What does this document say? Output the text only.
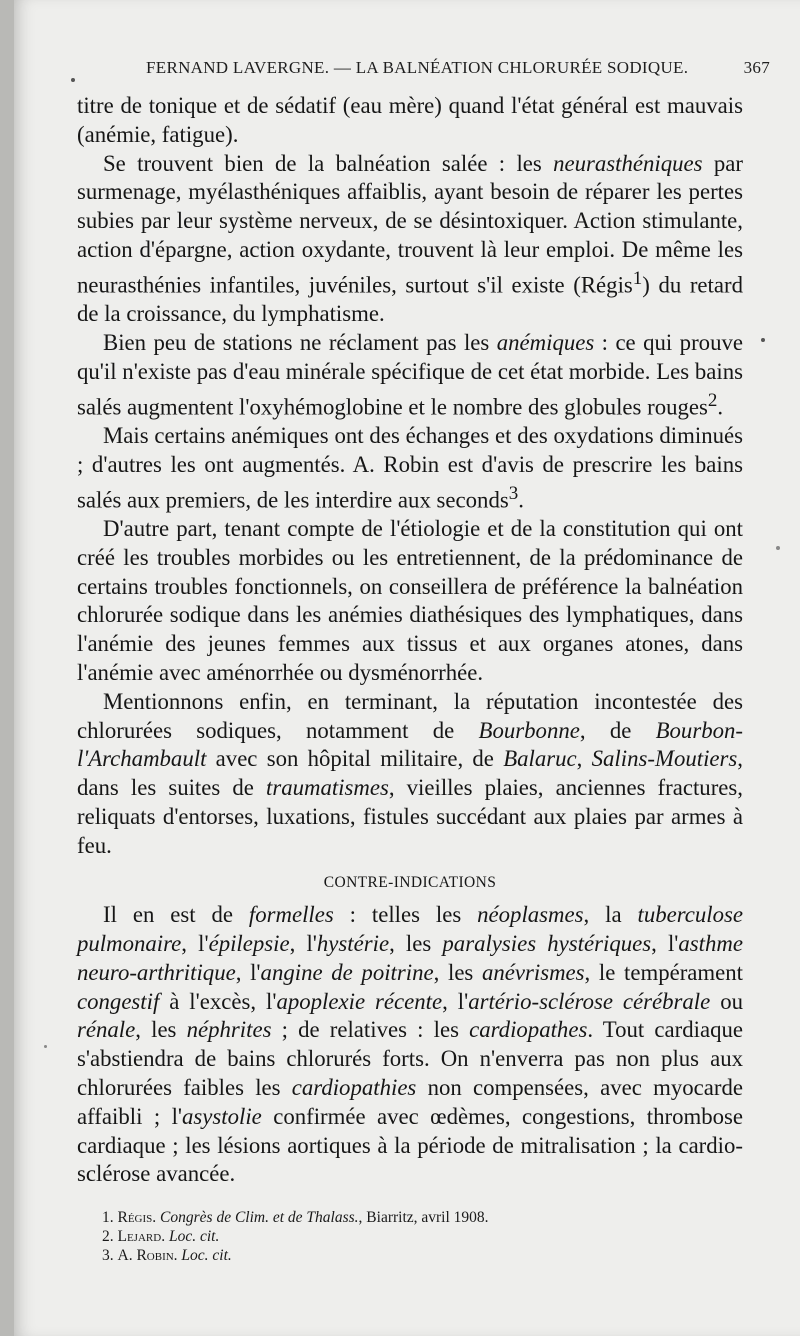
FERNAND LAVERGNE. — LA BALNÉATION CHLORURÉE SODIQUE.	367

titre de tonique et de sédatif (eau mère) quand l'état général est mauvais (anémie, fatigue).

Se trouvent bien de la balnéation salée : les neurasthéniques par surmenage, myélasthéniques affaiblis, ayant besoin de réparer les pertes subies par leur système nerveux, de se désintoxiquer. Action stimulante, action d'épargne, action oxydante, trouvent là leur emploi. De même les neurasthénies infantiles, juvéniles, surtout s'il existe (Régis$^1$) du retard de la croissance, du lymphatisme.

Bien peu de stations ne réclament pas les anémiques : ce qui prouve qu'il n'existe pas d'eau minérale spécifique de cet état morbide. Les bains salés augmentent l'oxyhémoglobine et le nombre des globules rouges$^2$.

Mais certains anémiques ont des échanges et des oxydations diminués ; d'autres les ont augmentés. A. Robin est d'avis de prescrire les bains salés aux premiers, de les interdire aux seconds$^3$.

D'autre part, tenant compte de l'étiologie et de la constitution qui ont créé les troubles morbides ou les entretiennent, de la prédominance de certains troubles fonctionnels, on conseillera de préférence la balnéation chlorurée sodique dans les anémies diathésiques des lymphatiques, dans l'anémie des jeunes femmes aux tissus et aux organes atones, dans l'anémie avec aménorrhée ou dysménorrhée.

Mentionnons enfin, en terminant, la réputation incontestée des chlorurées sodiques, notamment de Bourbonne, de Bourbon-l'Archambault avec son hôpital militaire, de Balaruc, Salins-Moutiers, dans les suites de traumatismes, vieilles plaies, anciennes fractures, reliquats d'entorses, luxations, fistules succédant aux plaies par armes à feu.

CONTRE-INDICATIONS

Il en est de formelles : telles les néoplasmes, la tuberculose pulmonaire, l'épilepsie, l'hystérie, les paralysies hystériques, l'asthme neuro-arthritique, l'angine de poitrine, les anévrismes, le tempérament congestif à l'excès, l'apoplexie récente, l'artério-sclérose cérébrale ou rénale, les néphrites ; de relatives : les cardiopathes. Tout cardiaque s'abstiendra de bains chlorurés forts. On n'enverra pas non plus aux chlorurées faibles les cardiopathies non compensées, avec myocarde affaibli ; l'asystolie confirmée avec œdèmes, congestions, thrombose cardiaque ; les lésions aortiques à la période de mitralisation ; la cardio-sclérose avancée.

1. Régis. Congrès de Clim. et de Thalass., Biarritz, avril 1908.
2. Lejard. Loc. cit.
3. A. Robin. Loc. cit.
